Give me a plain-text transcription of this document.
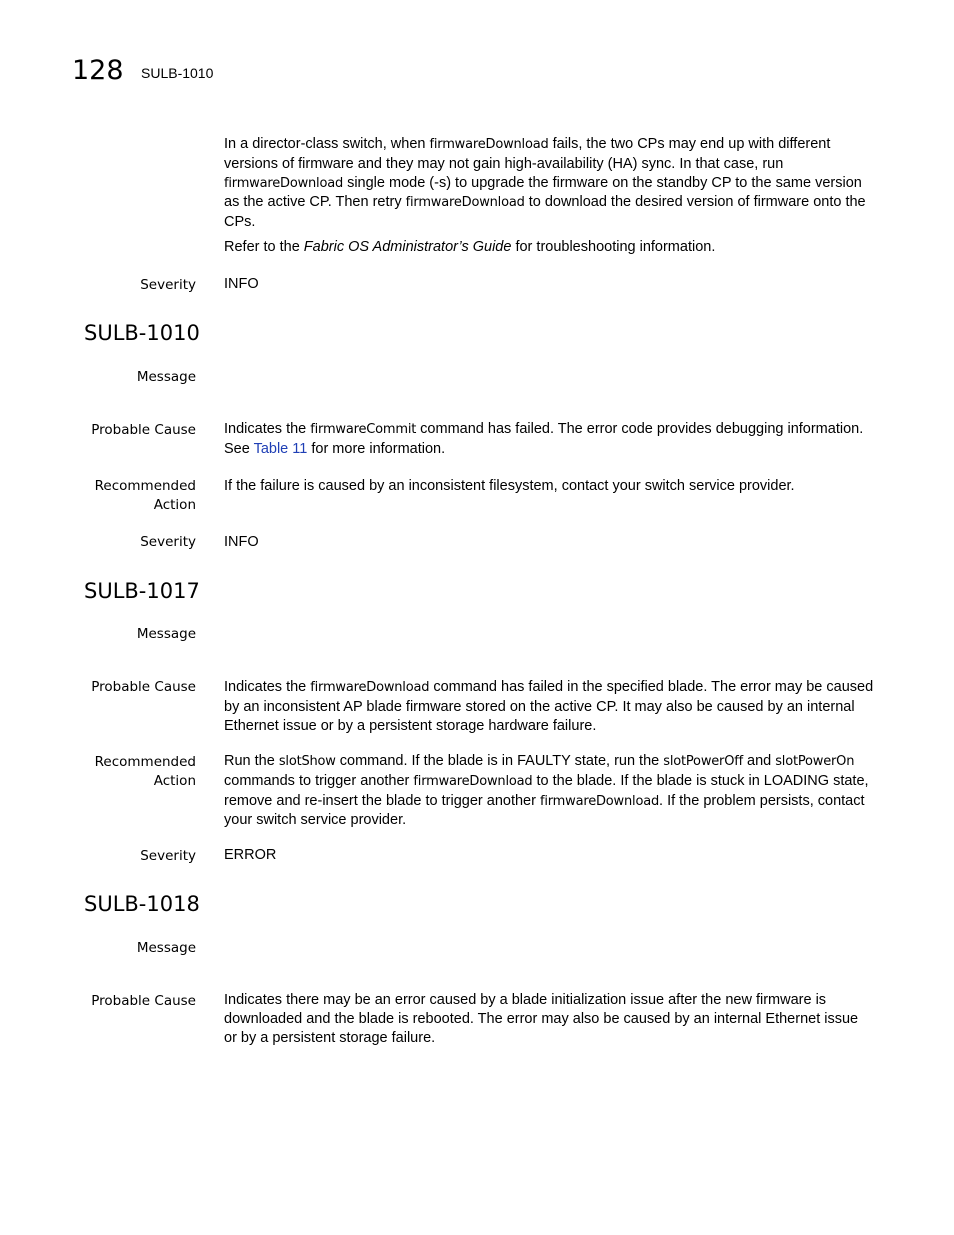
128 SULB-1010

In a director-class switch, when firmwareDownload fails, the two CPs may end up with different versions of firmware and they may not gain high-availability (HA) sync. In that case, run firmwareDownload single mode (-s) to upgrade the firmware on the standby CP to the same version as the active CP. Then retry firmwareDownload to download the desired version of firmware onto the CPs.

Refer to the Fabric OS Administrator’s Guide for troubleshooting information.

Severity INFO
SULB-1010
Message
Probable Cause Indicates the firmwareCommit command has failed. The error code provides debugging information. See Table 11 for more information.

Recommended
Action

If the failure is caused by an inconsistent filesystem, contact your switch service provider.

Severity INFO
SULB-1017
Message
Probable Cause Indicates the firmwareDownload command has failed in the specified blade. The error may be caused by an inconsistent AP blade firmware stored on the active CP. It may also be caused by an internal Ethernet issue or by a persistent storage hardware failure.

Recommended
Action

Run the slotShow command. If the blade is in FAULTY state, run the slotPowerOff and slotPowerOn commands to trigger another firmwareDownload to the blade. If the blade is stuck in LOADING state, remove and re-insert the blade to trigger another firmwareDownload. If the problem persists, contact your switch service provider.

Severity ERROR
SULB-1018
Message
Probable Cause Indicates there may be an error caused by a blade initialization issue after the new firmware is downloaded and the blade is rebooted. The error may also be caused by an internal Ethernet issue or by a persistent storage failure.
